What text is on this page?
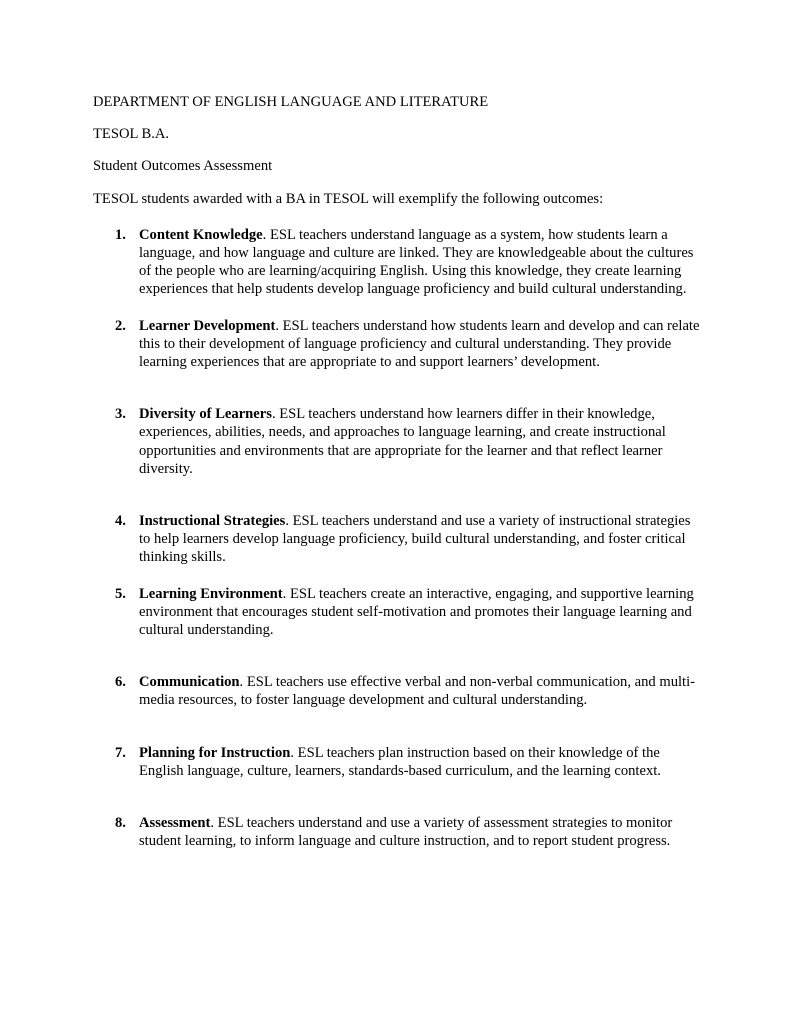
DEPARTMENT OF ENGLISH LANGUAGE AND LITERATURE
TESOL B.A.
Student Outcomes Assessment
TESOL students awarded with a BA in TESOL will exemplify the following outcomes:
1. Content Knowledge. ESL teachers understand language as a system, how students learn a language, and how language and culture are linked. They are knowledgeable about the cultures of the people who are learning/acquiring English. Using this knowledge, they create learning experiences that help students develop language proficiency and build cultural understanding.
2. Learner Development. ESL teachers understand how students learn and develop and can relate this to their development of language proficiency and cultural understanding. They provide learning experiences that are appropriate to and support learners’ development.
3. Diversity of Learners. ESL teachers understand how learners differ in their knowledge, experiences, abilities, needs, and approaches to language learning, and create instructional opportunities and environments that are appropriate for the learner and that reflect learner diversity.
4. Instructional Strategies. ESL teachers understand and use a variety of instructional strategies to help learners develop language proficiency, build cultural understanding, and foster critical thinking skills.
5. Learning Environment. ESL teachers create an interactive, engaging, and supportive learning environment that encourages student self-motivation and promotes their language learning and cultural understanding.
6. Communication. ESL teachers use effective verbal and non-verbal communication, and multi-media resources, to foster language development and cultural understanding.
7. Planning for Instruction. ESL teachers plan instruction based on their knowledge of the English language, culture, learners, standards-based curriculum, and the learning context.
8. Assessment. ESL teachers understand and use a variety of assessment strategies to monitor student learning, to inform language and culture instruction, and to report student progress.
